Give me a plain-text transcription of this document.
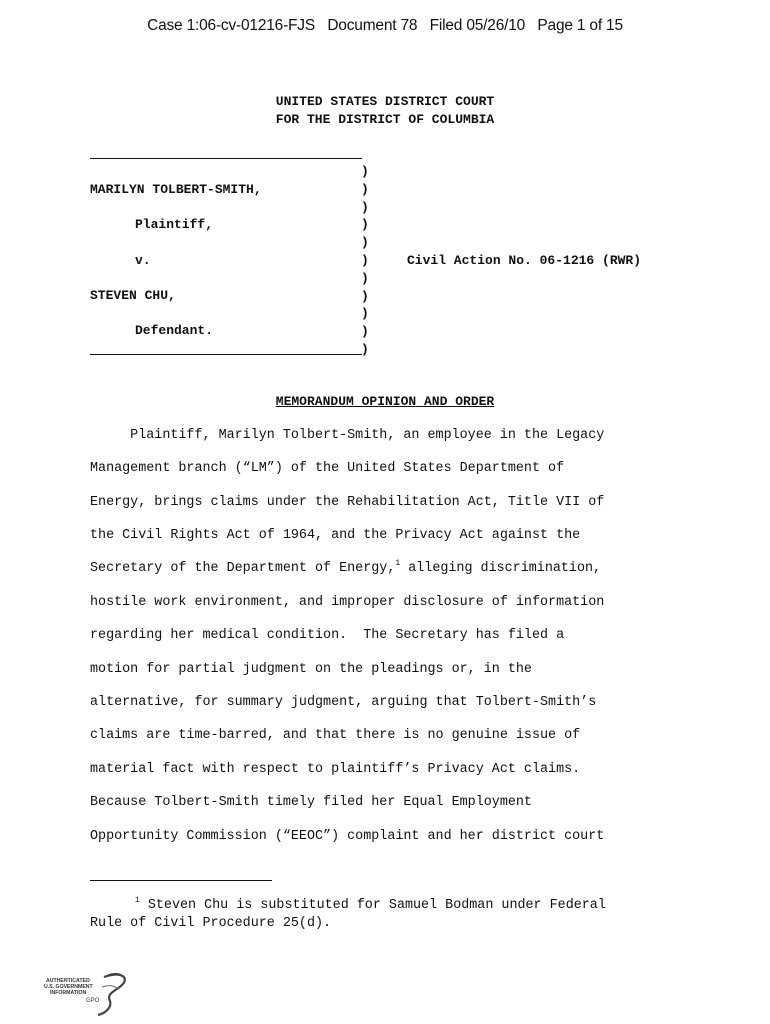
Case 1:06-cv-01216-FJS   Document 78   Filed 05/26/10   Page 1 of 15
UNITED STATES DISTRICT COURT
FOR THE DISTRICT OF COLUMBIA
)
)
)
)
)
)
)
)
)
)
)
MARILYN TOLBERT-SMITH,
Plaintiff,
v.
STEVEN CHU,
Defendant.
Civil Action No. 06-1216 (RWR)
MEMORANDUM OPINION AND ORDER
Plaintiff, Marilyn Tolbert-Smith, an employee in the Legacy
Management branch (“LM”) of the United States Department of
Energy, brings claims under the Rehabilitation Act, Title VII of
the Civil Rights Act of 1964, and the Privacy Act against the
Secretary of the Department of Energy,$^1$ alleging discrimination,
hostile work environment, and improper disclosure of information
regarding her medical condition.  The Secretary has filed a
motion for partial judgment on the pleadings or, in the
alternative, for summary judgment, arguing that Tolbert-Smith’s
claims are time-barred, and that there is no genuine issue of
material fact with respect to plaintiff’s Privacy Act claims.
Because Tolbert-Smith timely filed her Equal Employment
Opportunity Commission (“EEOC”) complaint and her district court
$^1$ Steven Chu is substituted for Samuel Bodman under Federal
Rule of Civil Procedure 25(d).
AUTHENTICATED
U.S. GOVERNMENT
INFORMATION
GPO
